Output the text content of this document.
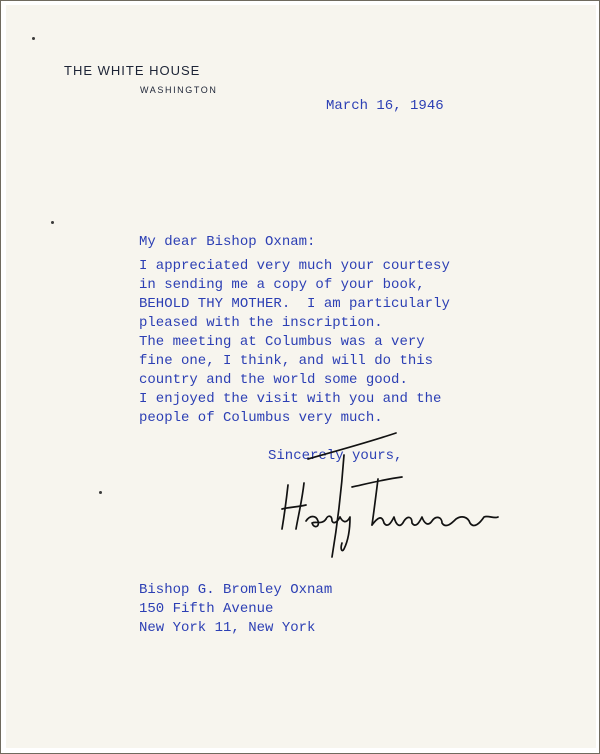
THE WHITE HOUSE
WASHINGTON
March 16, 1946
My dear Bishop Oxnam:
I appreciated very much your courtesy
in sending me a copy of your book,
BEHOLD THY MOTHER.  I am particularly
pleased with the inscription.
The meeting at Columbus was a very
fine one, I think, and will do this
country and the world some good.
I enjoyed the visit with you and the
people of Columbus very much.
Sincerely yours,
Bishop G. Bromley Oxnam
150 Fifth Avenue
New York 11, New York
